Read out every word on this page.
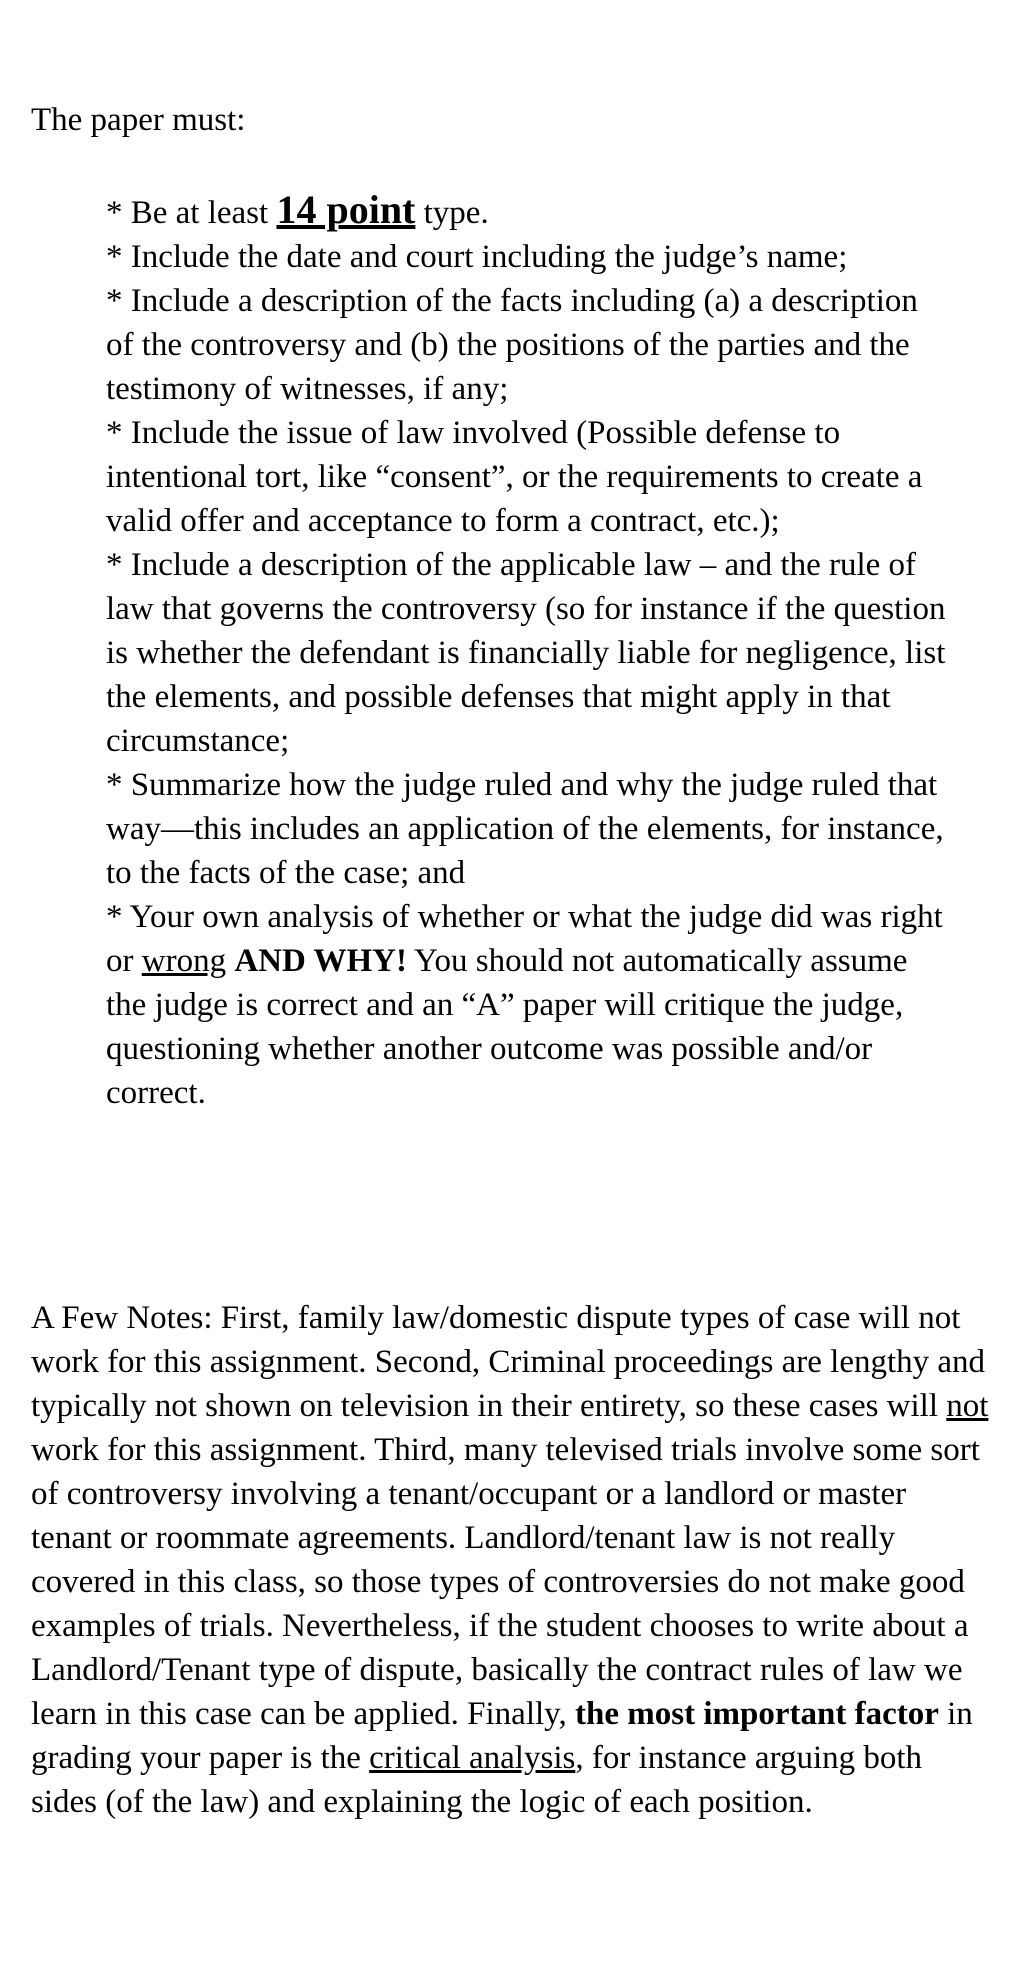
The paper must:

* Be at least 14 point type.
* Include the date and court including the judge’s name;
* Include a description of the facts including (a) a description of the controversy and (b) the positions of the parties and the testimony of witnesses, if any;
* Include the issue of law involved (Possible defense to intentional tort, like “consent”, or the requirements to create a valid offer and acceptance to form a contract, etc.);
* Include a description of the applicable law – and the rule of law that governs the controversy (so for instance if the question is whether the defendant is financially liable for negligence, list the elements, and possible defenses that might apply in that circumstance;
* Summarize how the judge ruled and why the judge ruled that way—this includes an application of the elements, for instance, to the facts of the case; and
* Your own analysis of whether or what the judge did was right or wrong AND WHY! You should not automatically assume the judge is correct and an “A” paper will critique the judge, questioning whether another outcome was possible and/or correct.

A Few Notes: First, family law/domestic dispute types of case will not work for this assignment. Second, Criminal proceedings are lengthy and typically not shown on television in their entirety, so these cases will not work for this assignment. Third, many televised trials involve some sort of controversy involving a tenant/occupant or a landlord or master tenant or roommate agreements. Landlord/tenant law is not really covered in this class, so those types of controversies do not make good examples of trials. Nevertheless, if the student chooses to write about a Landlord/Tenant type of dispute, basically the contract rules of law we learn in this case can be applied. Finally, the most important factor in grading your paper is the critical analysis, for instance arguing both sides (of the law) and explaining the logic of each position.
